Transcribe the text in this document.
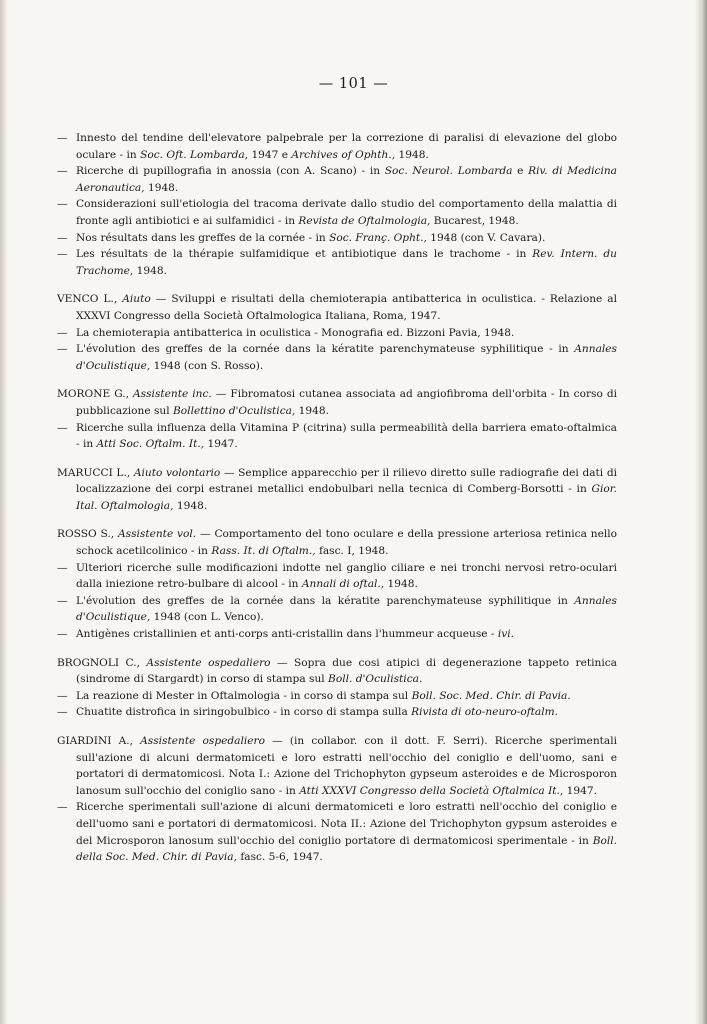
— 101 —
— Innesto del tendine dell'elevatore palpebrale per la correzione di paralisi di elevazione del globo oculare - in Soc. Oft. Lombarda, 1947 e Archives of Ophth., 1948.
— Ricerche di pupillografia in anossia (con A. Scano) - in Soc. Neurol. Lombarda e Riv. di Medicina Aeronautica, 1948.
— Considerazioni sull'etiologia del tracoma derivate dallo studio del comportamento della malattia di fronte agli antibiotici e ai sulfamidici - in Revista de Oftalmologia, Bucarest, 1948.
— Nos résultats dans les greffes de la cornée - in Soc. Franç. Opht., 1948 (con V. Cavara).
— Les résultats de la thérapie sulfamidique et antibiotique dans le trachome - in Rev. Intern. du Trachome, 1948.
VENCO L., Aiuto — Sviluppi e risultati della chemioterapia antibatterica in oculistica. - Relazione al XXXVI Congresso della Società Oftalmologica Italiana, Roma, 1947.
— La chemioterapia antibatterica in oculistica - Monografia ed. Bizzoni Pavia, 1948.
— L'évolution des greffes de la cornée dans la kératite parenchymateuse syphilitique - in Annales d'Oculistique, 1948 (con S. Rosso).
MORONE G., Assistente inc. — Fibromatosi cutanea associata ad angiofibroma dell'orbita - In corso di pubblicazione sul Bollettino d'Oculistica, 1948.
— Ricerche sulla influenza della Vitamina P (citrina) sulla permeabilità della barriera emato-oftalmica - in Atti Soc. Oftalm. It., 1947.
MARUCCI L., Aiuto volontario — Semplice apparecchio per il rilievo diretto sulle radiografie dei dati di localizzazione dei corpi estranei metallici endobulbari nella tecnica di Comberg-Borsotti - in Gior. Ital. Oftalmologia, 1948.
ROSSO S., Assistente vol. — Comportamento del tono oculare e della pressione arteriosa retinica nello schock acetilcolinico - in Rass. It. di Oftalm., fasc. I, 1948.
— Ulteriori ricerche sulle modificazioni indotte nel ganglio ciliare e nei tronchi nervosi retro-oculari dalla iniezione retro-bulbare di alcool - in Annali di oftal., 1948.
— L'évolution des greffes de la cornée dans la kératite parenchymateuse syphilitique in Annales d'Oculistique, 1948 (con L. Venco).
— Antigènes cristallinien et anti-corps anti-cristallin dans l'hummeur acqueuse - ivi.
BROGNOLI C., Assistente ospedaliero — Sopra due cosi atipici di degenerazione tappeto retinica (sindrome di Stargardt) in corso di stampa sul Boll. d'Oculistica.
— La reazione di Mester in Oftalmologia - in corso di stampa sul Boll. Soc. Med. Chir. di Pavia.
— Chuatite distrofica in siringobulbico - in corso di stampa sulla Rivista di oto-neuro-oftalm.
GIARDINI A., Assistente ospedaliero — (in collabor. con il dott. F. Serri). Ricerche sperimentali sull'azione di alcuni dermatomiceti e loro estratti nell'occhio del coniglio e dell'uomo, sani e portatori di dermatomicosi. Nota I.: Azione del Trichophyton gypseum asteroides e de Microsporon lanosum sull'occhio del coniglio sano - in Atti XXXVI Congresso della Società Oftalmica It., 1947.
— Ricerche sperimentali sull'azione di alcuni dermatomiceti e loro estratti nell'occhio del coniglio e dell'uomo sani e portatori di dermatomicosi. Nota II.: Azione del Trichophyton gypsum asteroides e del Microsporon lanosum sull'occhio del coniglio portatore di dermatomicosi sperimentale - in Boll. della Soc. Med. Chir. di Pavia, fasc. 5-6, 1947.
